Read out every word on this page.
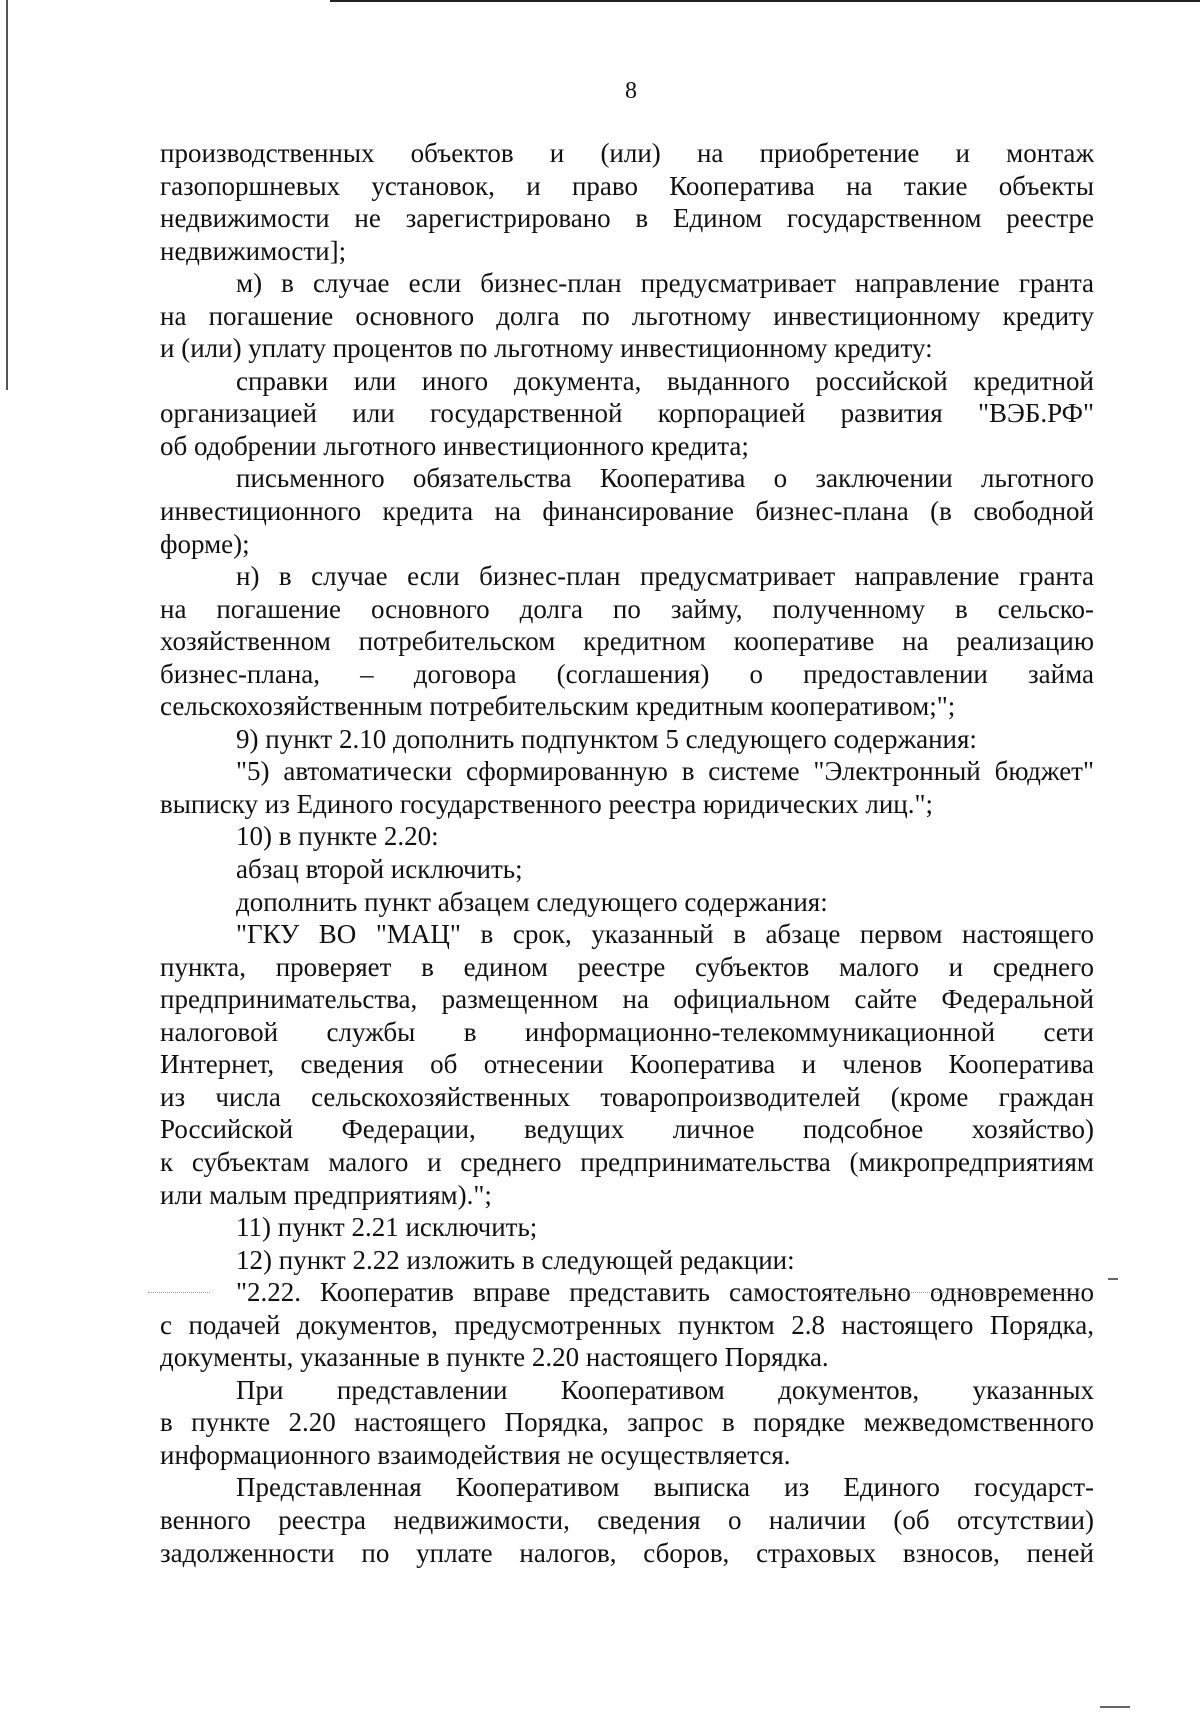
8
производственных объектов и (или) на приобретение и монтаж
газопоршневых установок, и право Кооператива на такие объекты
недвижимости не зарегистрировано в Едином государственном реестре
недвижимости];
м) в случае если бизнес-план предусматривает направление гранта
на погашение основного долга по льготному инвестиционному кредиту
и (или) уплату процентов по льготному инвестиционному кредиту:
справки или иного документа, выданного российской кредитной
организацией или государственной корпорацией развития "ВЭБ.РФ"
об одобрении льготного инвестиционного кредита;
письменного обязательства Кооператива о заключении льготного
инвестиционного кредита на финансирование бизнес-плана (в свободной
форме);
н) в случае если бизнес-план предусматривает направление гранта
на погашение основного долга по займу, полученному в сельско-
хозяйственном потребительском кредитном кооперативе на реализацию
бизнес-плана, – договора (соглашения) о предоставлении займа
сельскохозяйственным потребительским кредитным кооперативом;";
9) пункт 2.10 дополнить подпунктом 5 следующего содержания:
"5) автоматически сформированную в системе "Электронный бюджет"
выписку из Единого государственного реестра юридических лиц.";
10) в пункте 2.20:
абзац второй исключить;
дополнить пункт абзацем следующего содержания:
"ГКУ ВО "МАЦ" в срок, указанный в абзаце первом настоящего
пункта, проверяет в едином реестре субъектов малого и среднего
предпринимательства, размещенном на официальном сайте Федеральной
налоговой службы в информационно-телекоммуникационной сети
Интернет, сведения об отнесении Кооператива и членов Кооператива
из числа сельскохозяйственных товаропроизводителей (кроме граждан
Российской Федерации, ведущих личное подсобное хозяйство)
к субъектам малого и среднего предпринимательства (микропредприятиям
или малым предприятиям).";
11) пункт 2.21 исключить;
12) пункт 2.22 изложить в следующей редакции:
"2.22. Кооператив вправе представить самостоятельно одновременно
с подачей документов, предусмотренных пунктом 2.8 настоящего Порядка,
документы, указанные в пункте 2.20 настоящего Порядка.
При представлении Кооперативом документов, указанных
в пункте 2.20 настоящего Порядка, запрос в порядке межведомственного
информационного взаимодействия не осуществляется.
Представленная Кооперативом выписка из Единого государст-
венного реестра недвижимости, сведения о наличии (об отсутствии)
задолженности по уплате налогов, сборов, страховых взносов, пеней
